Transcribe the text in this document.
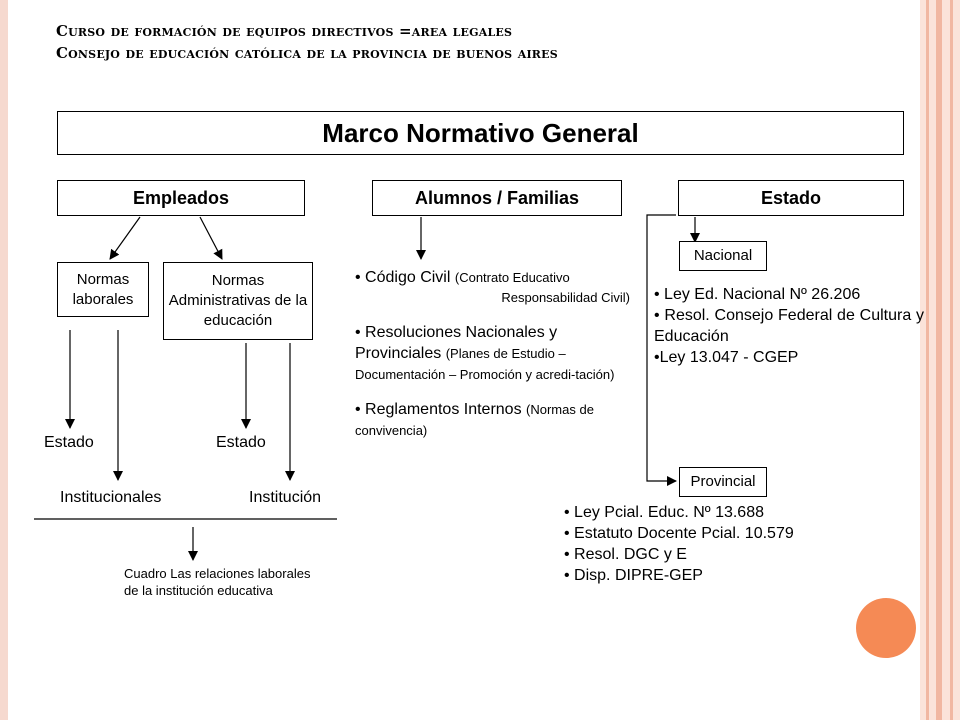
Curso de formación de equipos directivos =area legales
Consejo de educación católica de la provincia de buenos aires
Marco Normativo General
Empleados	Alumnos / Familias	Estado
Normas laborales
Normas Administrativas de la educación
Estado	Estado
Institucionales	Institución
Cuadro Las relaciones laborales de la institución educativa
• Código Civil (Contrato Educativo
Responsabilidad Civil)
• Resoluciones Nacionales y Provinciales (Planes de Estudio – Documentación – Promoción y acredi-tación)
• Reglamentos Internos (Normas de convivencia)
Nacional
• Ley Ed. Nacional Nº 26.206
• Resol. Consejo Federal de Cultura y Educación
•Ley 13.047 - CGEP
Provincial
• Ley Pcial. Educ. Nº 13.688
• Estatuto Docente Pcial. 10.579
• Resol. DGC y E
• Disp. DIPRE-GEP
